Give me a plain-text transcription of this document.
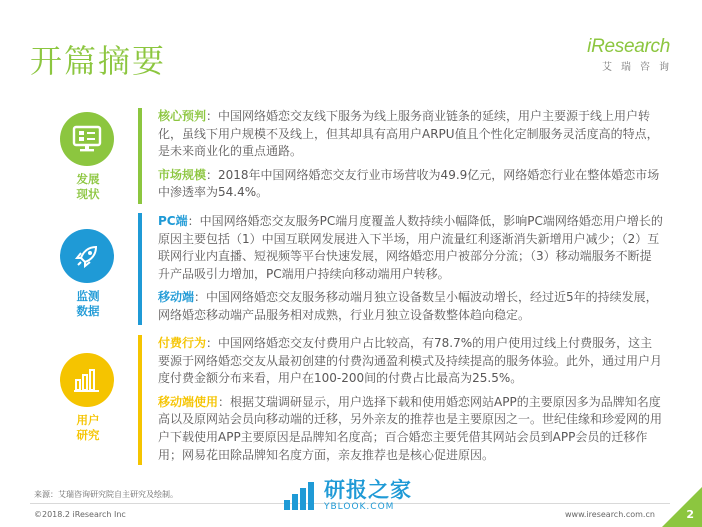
开篇摘要	iResearch
艾瑞咨询
发展
现状

核心预判：中国网络婚恋交友线下服务为线上服务商业链条的延续，用户主要源于线上用户转化，虽线下用户规模不及线上，但其却具有高用户ARPU值且个性化定制服务灵活度高的特点，是未来商业化的重点通路。

市场规模：2018年中国网络婚恋交友行业市场营收为49.9亿元，网络婚恋行业在整体婚恋市场中渗透率为54.4%。

监测
数据

PC端：中国网络婚恋交友服务PC端月度覆盖人数持续小幅降低，影响PC端网络婚恋用户增长的原因主要包括（1）中国互联网发展进入下半场，用户流量红利逐渐消失新增用户减少；（2）互联网行业内直播、短视频等平台快速发展，网络婚恋用户被部分分流；（3）移动端服务不断提升产品吸引力增加，PC端用户持续向移动端用户转移。

移动端：中国网络婚恋交友服务移动端月独立设备数呈小幅波动增长，经过近5年的持续发展，网络婚恋移动端产品服务相对成熟，行业月独立设备数整体趋向稳定。

用户
研究

付费行为：中国网络婚恋交友付费用户占比较高，有78.7%的用户使用过线上付费服务，这主要源于网络婚恋交友从最初创建的付费沟通盈利模式及持续提高的服务体验。此外，通过用户月度付费金额分布来看，用户在100-200间的付费占比最高为25.5%。

移动端使用：根据艾瑞调研显示，用户选择下载和使用婚恋网站APP的主要原因多为品牌知名度高以及原网站会员向移动端的迁移，另外亲友的推荐也是主要原因之一。世纪佳缘和珍爱网的用户下载使用APP主要原因是品牌知名度高；百合婚恋主要凭借其网站会员到APP会员的迁移作用；网易花田除品牌知名度方面，亲友推荐也是核心促进原因。

来源：艾瑞咨询研究院自主研究及绘制。
©2018.2 iResearch Inc	www.iresearch.com.cn
研报之家
YBLOOK.COM
2
